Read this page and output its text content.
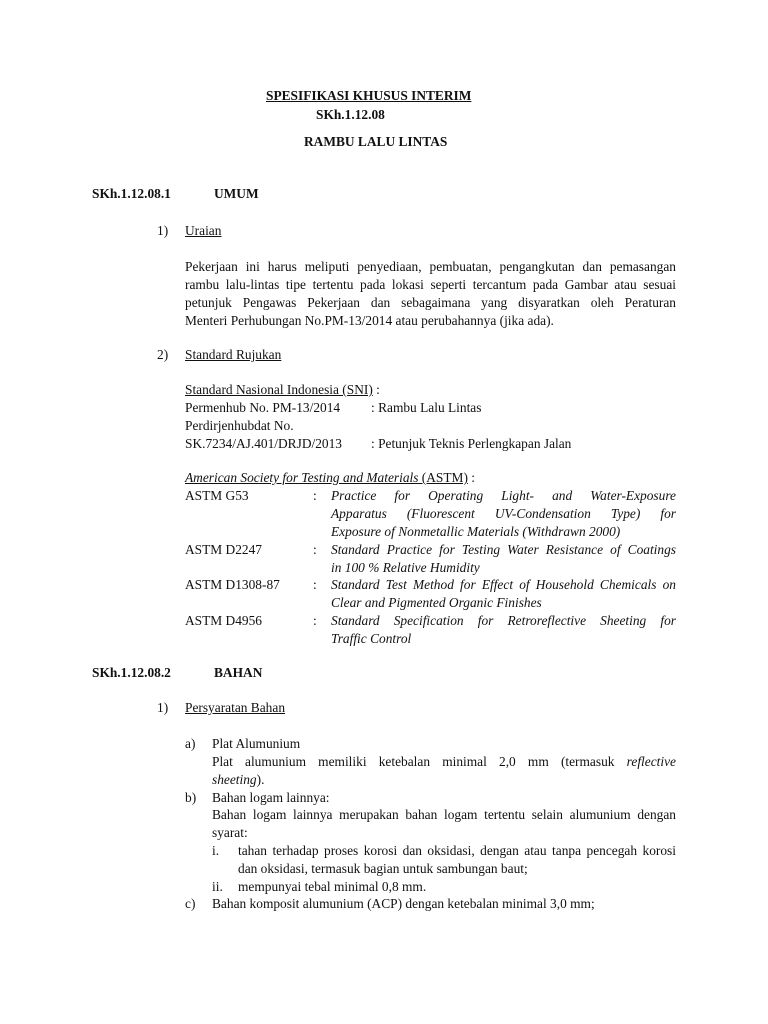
SPESIFIKASI KHUSUS INTERIM
SKh.1.12.08
RAMBU LALU LINTAS
SKh.1.12.08.1	UMUM
1) Uraian
Pekerjaan ini harus meliputi penyediaan, pembuatan, pengangkutan dan pemasangan
rambu lalu-lintas tipe tertentu pada lokasi seperti tercantum pada Gambar atau sesuai
petunjuk Pengawas Pekerjaan dan sebagaimana yang disyaratkan oleh Peraturan
Menteri Perhubungan No.PM-13/2014 atau perubahannya (jika ada).
2) Standard Rujukan
Standard Nasional Indonesia (SNI) :
Permenhub No. PM-13/2014 : Rambu Lalu Lintas
Perdirjenhubdat No.
SK.7234/AJ.401/DRJD/2013 : Petunjuk Teknis Perlengkapan Jalan
American Society for Testing and Materials (ASTM) :
ASTM G53	: Practice for Operating Light- and Water-Exposure
Apparatus (Fluorescent UV-Condensation Type) for
Exposure of Nonmetallic Materials (Withdrawn 2000)
ASTM D2247	: Standard Practice for Testing Water Resistance of Coatings
in 100 % Relative Humidity
ASTM D1308-87 : Standard Test Method for Effect of Household Chemicals on
Clear and Pigmented Organic Finishes
ASTM D4956	: Standard Specification for Retroreflective Sheeting for
Traffic Control
SKh.1.12.08.2	BAHAN
1) Persyaratan Bahan
a) Plat Alumunium
Plat alumunium memiliki ketebalan minimal 2,0 mm (termasuk reflective
sheeting).
b) Bahan logam lainnya:
Bahan logam lainnya merupakan bahan logam tertentu selain alumunium dengan
syarat:
i. tahan terhadap proses korosi dan oksidasi, dengan atau tanpa pencegah korosi
dan oksidasi, termasuk bagian untuk sambungan baut;
ii. mempunyai tebal minimal 0,8 mm.
c) Bahan komposit alumunium (ACP) dengan ketebalan minimal 3,0 mm;
